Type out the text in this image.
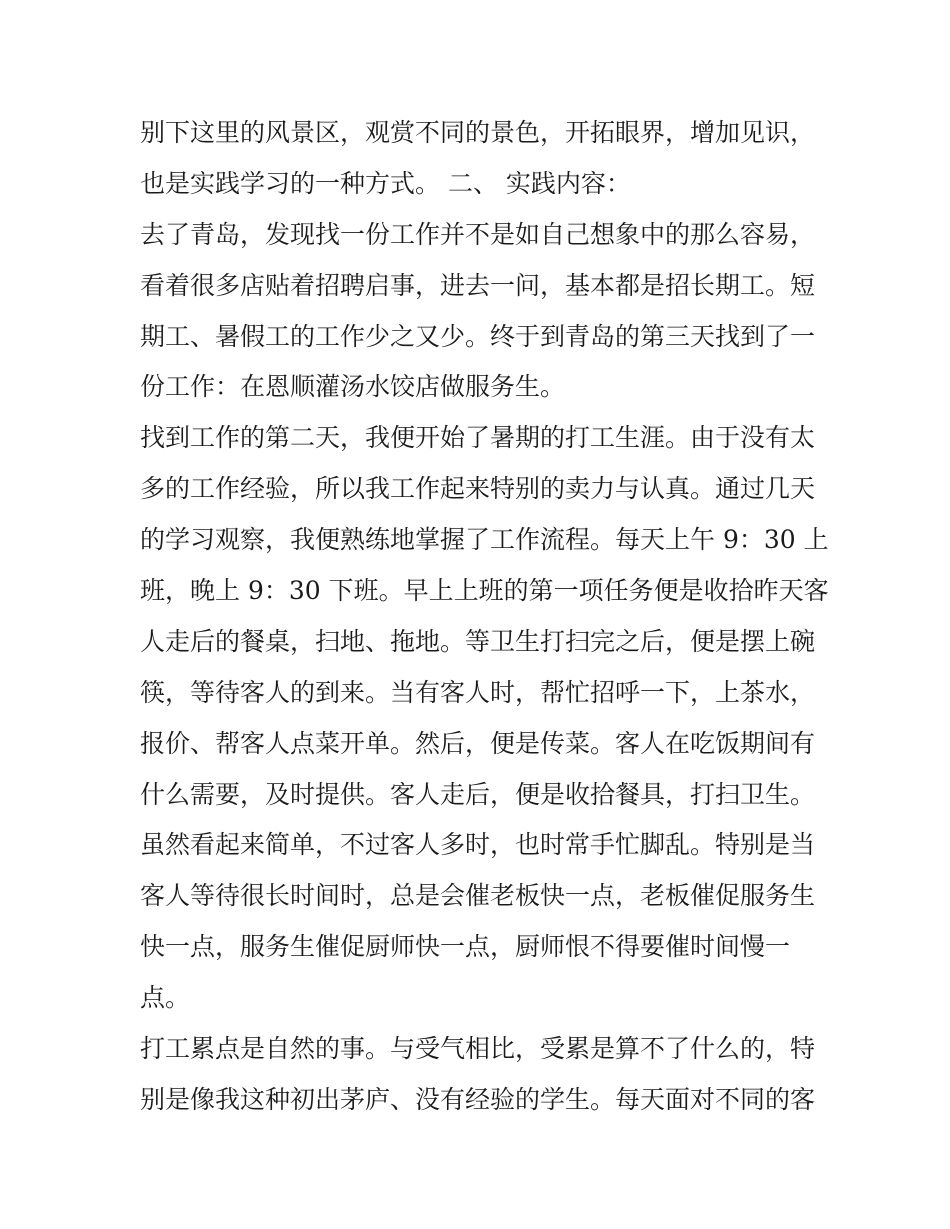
别下这里的风景区，观赏不同的景色，开拓眼界，增加见识，
也是实践学习的一种方式。 二、 实践内容：
去了青岛，发现找一份工作并不是如自己想象中的那么容易，
看着很多店贴着招聘启事，进去一问，基本都是招长期工。短
期工、暑假工的工作少之又少。终于到青岛的第三天找到了一
份工作：在恩顺灌汤水饺店做服务生。
找到工作的第二天，我便开始了暑期的打工生涯。由于没有太
多的工作经验，所以我工作起来特别的卖力与认真。通过几天
的学习观察，我便熟练地掌握了工作流程。每天上午 9：30 上
班，晚上 9：30 下班。早上上班的第一项任务便是收拾昨天客
人走后的餐桌，扫地、拖地。等卫生打扫完之后，便是摆上碗
筷，等待客人的到来。当有客人时，帮忙招呼一下，上茶水，
报价、帮客人点菜开单。然后，便是传菜。客人在吃饭期间有
什么需要，及时提供。客人走后，便是收拾餐具，打扫卫生。
虽然看起来简单，不过客人多时，也时常手忙脚乱。特别是当
客人等待很长时间时，总是会催老板快一点，老板催促服务生
快一点，服务生催促厨师快一点，厨师恨不得要催时间慢一
点。
打工累点是自然的事。与受气相比，受累是算不了什么的，特
别是像我这种初出茅庐、没有经验的学生。每天面对不同的客
